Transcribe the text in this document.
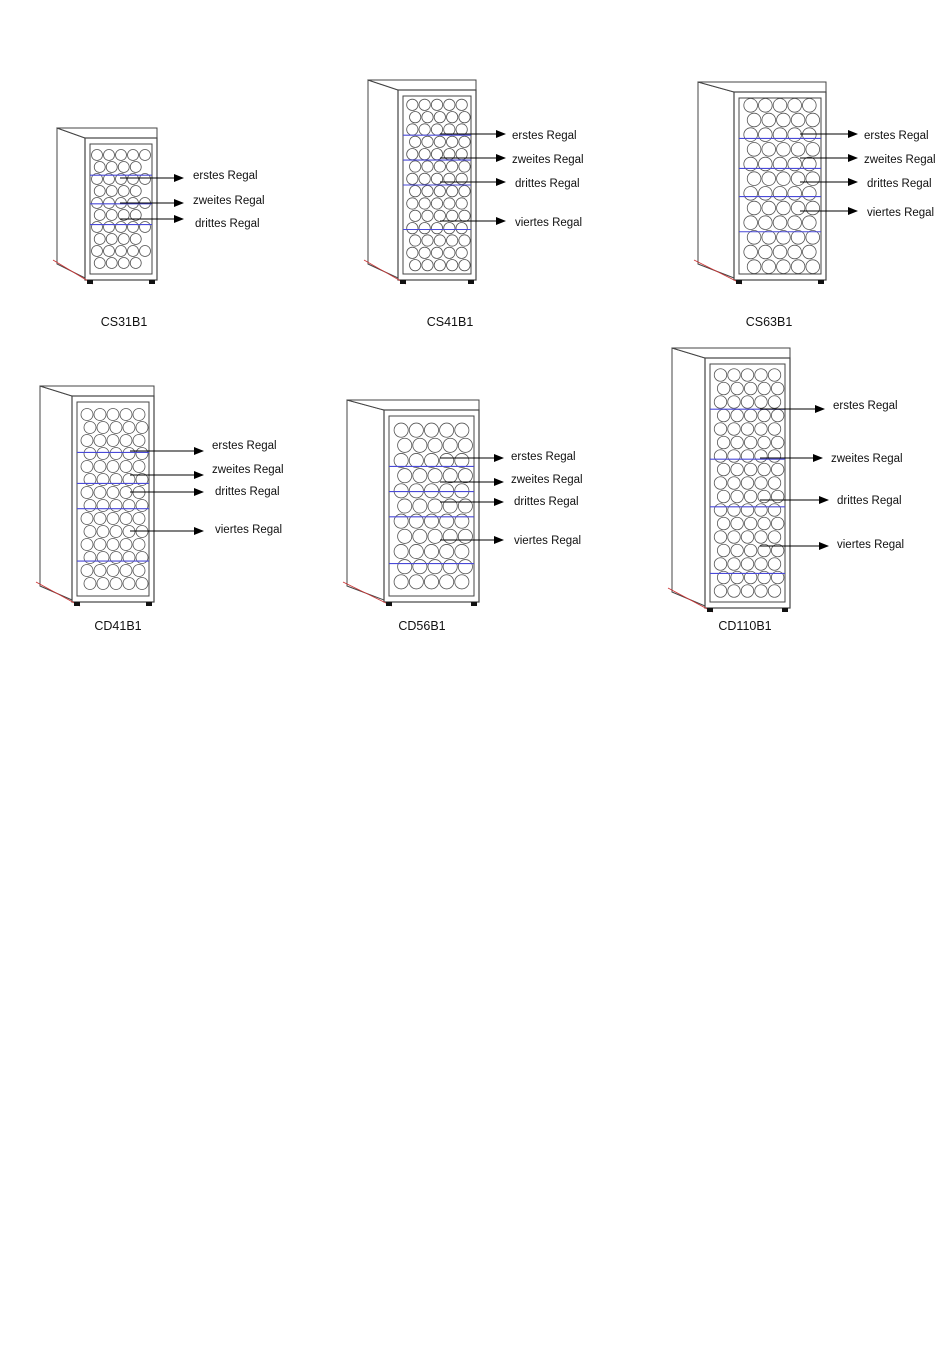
erstes Regal
zweites Regal
drittes Regal
CS31B1
erstes Regal
zweites Regal
drittes Regal
viertes Regal
CS41B1
erstes Regal
zweites Regal
drittes Regal
viertes Regal
CS63B1
erstes Regal
zweites Regal
drittes Regal
viertes Regal
CD41B1
erstes Regal
zweites Regal
drittes Regal
viertes Regal
CD56B1
erstes Regal
zweites Regal
drittes Regal
viertes Regal
CD110B1
